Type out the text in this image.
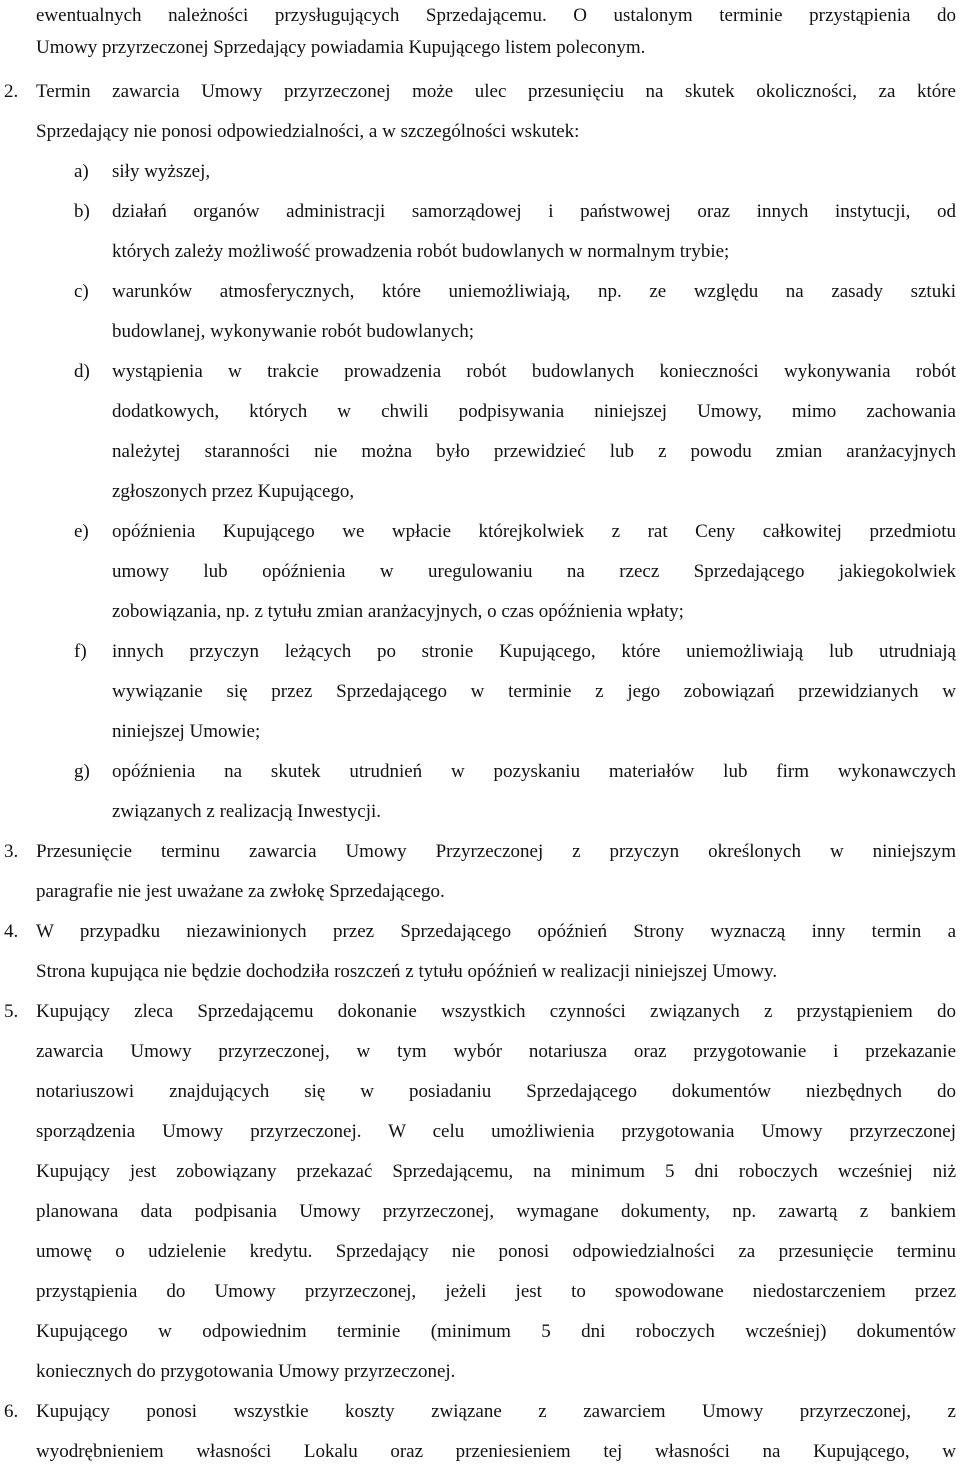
ewentualnych należności przysługujących Sprzedającemu. O ustalonym terminie przystąpienia do
Umowy przyrzeczonej Sprzedający powiadamia Kupującego listem poleconym.
2. Termin zawarcia Umowy przyrzeczonej może ulec przesunięciu na skutek okoliczności, za które
Sprzedający nie ponosi odpowiedzialności, a w szczególności wskutek:
a) siły wyższej,
b) działań organów administracji samorządowej i państwowej oraz innych instytucji, od
których zależy możliwość prowadzenia robót budowlanych w normalnym trybie;
c) warunków atmosferycznych, które uniemożliwiają, np. ze względu na zasady sztuki
budowlanej, wykonywanie robót budowlanych;
d) wystąpienia w trakcie prowadzenia robót budowlanych konieczności wykonywania robót
dodatkowych, których w chwili podpisywania niniejszej Umowy, mimo zachowania
należytej staranności nie można było przewidzieć lub z powodu zmian aranżacyjnych
zgłoszonych przez Kupującego,
e) opóźnienia Kupującego we wpłacie którejkolwiek z rat Ceny całkowitej przedmiotu
umowy lub opóźnienia w uregulowaniu na rzecz Sprzedającego jakiegokolwiek
zobowiązania, np. z tytułu zmian aranżacyjnych, o czas opóźnienia wpłaty;
f) innych przyczyn leżących po stronie Kupującego, które uniemożliwiają lub utrudniają
wywiązanie się przez Sprzedającego w terminie z jego zobowiązań przewidzianych w
niniejszej Umowie;
g) opóźnienia na skutek utrudnień w pozyskaniu materiałów lub firm wykonawczych
związanych z realizacją Inwestycji.
3. Przesunięcie terminu zawarcia Umowy Przyrzeczonej z przyczyn określonych w niniejszym
paragrafie nie jest uważane za zwłokę Sprzedającego.
4. W przypadku niezawinionych przez Sprzedającego opóźnień Strony wyznaczą inny termin a
Strona kupująca nie będzie dochodziła roszczeń z tytułu opóźnień w realizacji niniejszej Umowy.
5. Kupujący zleca Sprzedającemu dokonanie wszystkich czynności związanych z przystąpieniem do
zawarcia Umowy przyrzeczonej, w tym wybór notariusza oraz przygotowanie i przekazanie
notariuszowi znajdujących się w posiadaniu Sprzedającego dokumentów niezbędnych do
sporządzenia Umowy przyrzeczonej. W celu umożliwienia przygotowania Umowy przyrzeczonej
Kupujący jest zobowiązany przekazać Sprzedającemu, na minimum 5 dni roboczych wcześniej niż
planowana data podpisania Umowy przyrzeczonej, wymagane dokumenty, np. zawartą z bankiem
umowę o udzielenie kredytu. Sprzedający nie ponosi odpowiedzialności za przesunięcie terminu
przystąpienia do Umowy przyrzeczonej, jeżeli jest to spowodowane niedostarczeniem przez
Kupującego w odpowiednim terminie (minimum 5 dni roboczych wcześniej) dokumentów
koniecznych do przygotowania Umowy przyrzeczonej.
6. Kupujący ponosi wszystkie koszty związane z zawarciem Umowy przyrzeczonej, z
wyodrębnieniem własności Lokalu oraz przeniesieniem tej własności na Kupującego, w
